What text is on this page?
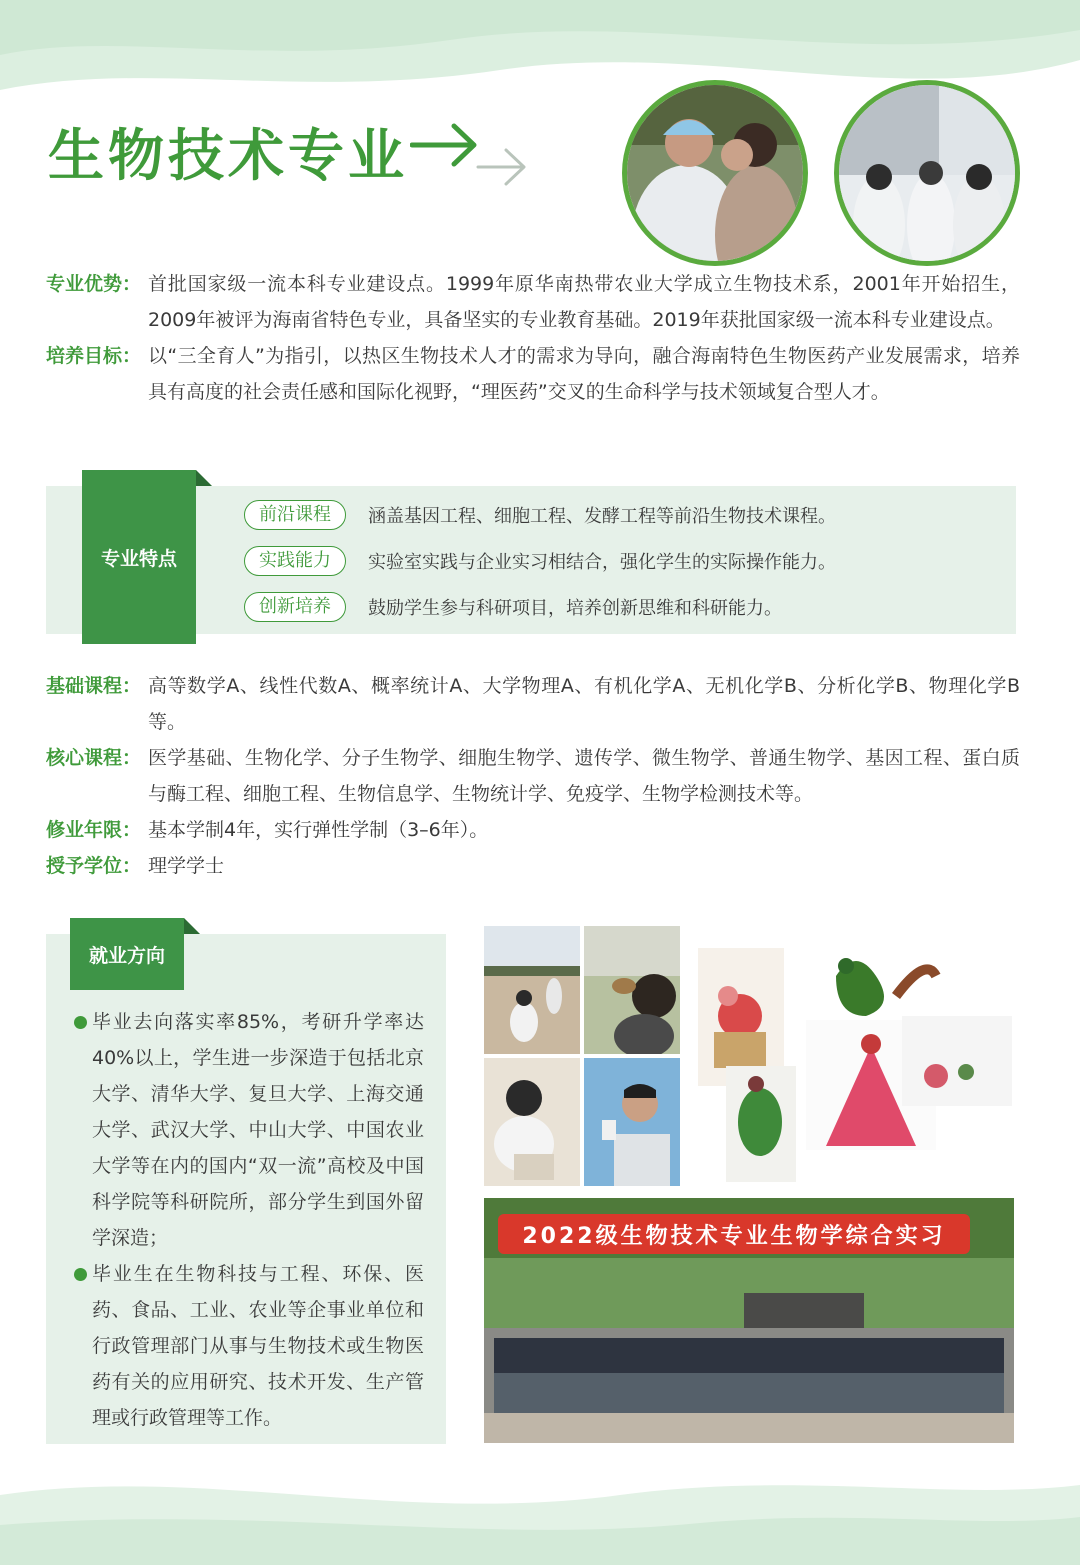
生物技术专业
专业优势： 首批国家级一流本科专业建设点。1999年原华南热带农业大学成立生物技术系，2001年开始招生，2009年被评为海南省特色专业，具备坚实的专业教育基础。2019年获批国家级一流本科专业建设点。
培养目标： 以“三全育人”为指引，以热区生物技术人才的需求为导向，融合海南特色生物医药产业发展需求，培养具有高度的社会责任感和国际化视野，“理医药”交叉的生命科学与技术领域复合型人才。
专业特点
前沿课程	涵盖基因工程、细胞工程、发酵工程等前沿生物技术课程。
实践能力	实验室实践与企业实习相结合，强化学生的实际操作能力。
创新培养	鼓励学生参与科研项目，培养创新思维和科研能力。
基础课程： 高等数学A、线性代数A、概率统计A、大学物理A、有机化学A、无机化学B、分析化学B、物理化学B等。
核心课程： 医学基础、生物化学、分子生物学、细胞生物学、遗传学、微生物学、普通生物学、基因工程、蛋白质与酶工程、细胞工程、生物信息学、生物统计学、免疫学、生物学检测技术等。
修业年限： 基本学制4年，实行弹性学制（3–6年）。
授予学位： 理学学士
就业方向
毕业去向落实率85%，考研升学率达40%以上，学生进一步深造于包括北京大学、清华大学、复旦大学、上海交通大学、武汉大学、中山大学、中国农业大学等在内的国内“双一流”高校及中国科学院等科研院所，部分学生到国外留学深造；
毕业生在生物科技与工程、环保、医药、食品、工业、农业等企事业单位和行政管理部门从事与生物技术或生物医药有关的应用研究、技术开发、生产管理或行政管理等工作。
2022级生物技术专业生物学综合实习
